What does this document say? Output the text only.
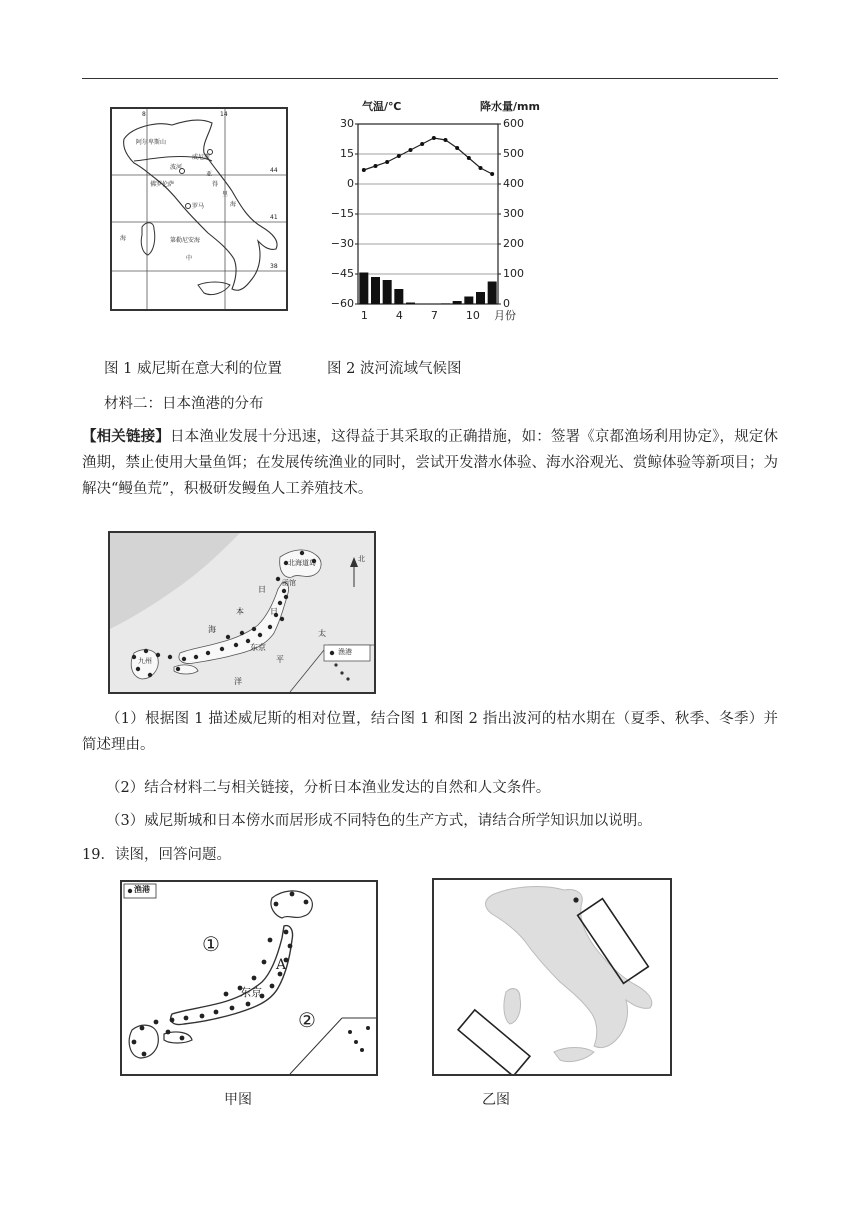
阿尔卑斯山
威尼斯
波河
佛罗伦萨
罗马
亚
得
里
海
第勒尼安海
中
海
8	14
44
41
38
气温/℃	降水量/mm
30
15
0
−15
−30
−45
−60
600
500
400
300
200
100
0
1	4	7	10 月份
图 1 威尼斯在意大利的位置	图 2 波河流域气候图
材料二：日本渔港的分布
【相关链接】日本渔业发展十分迅速，这得益于其采取的正确措施，如：签署《京都渔场利用协定》，规定休渔期，禁止使用大量鱼饵；在发展传统渔业的同时，尝试开发潜水体验、海水浴观光、赏鲸体验等新项目；为解决“鳗鱼荒”，积极研发鳗鱼人工养殖技术。
北海道岛
函馆
日
本
海
东京
太
平
洋
九州
日
渔港
北
（1）根据图 1 描述威尼斯的相对位置，结合图 1 和图 2 指出波河的枯水期在（夏季、秋季、冬季）并简述理由。
（2）结合材料二与相关链接，分析日本渔业发达的自然和人文条件。
（3）威尼斯城和日本傍水而居形成不同特色的生产方式，请结合所学知识加以说明。
19．读图，回答问题。
渔港
①
A
东京
②
甲图	乙图
